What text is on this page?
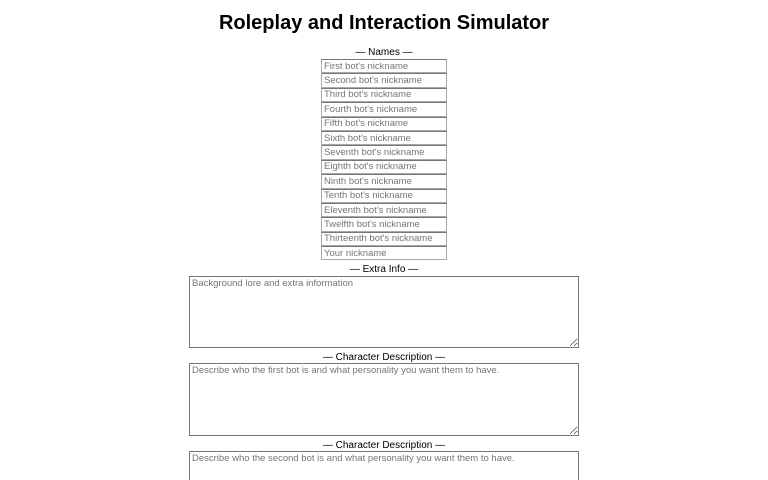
Roleplay and Interaction Simulator
— Names —
First bot's nickname
Second bot's nickname
Third bot's nickname
Fourth bot's nickname
Fifth bot's nickname
Sixth bot's nickname
Seventh bot's nickname
Eighth bot's nickname
Ninth bot's nickname
Tenth bot's nickname
Eleventh bot's nickname
Twelfth bot's nickname
Thirteenth bot's nickname
Your nickname
— Extra Info —
Background lore and extra information
— Character Description —
Describe who the first bot is and what personality you want them to have.
— Character Description —
Describe who the second bot is and what personality you want them to have.
